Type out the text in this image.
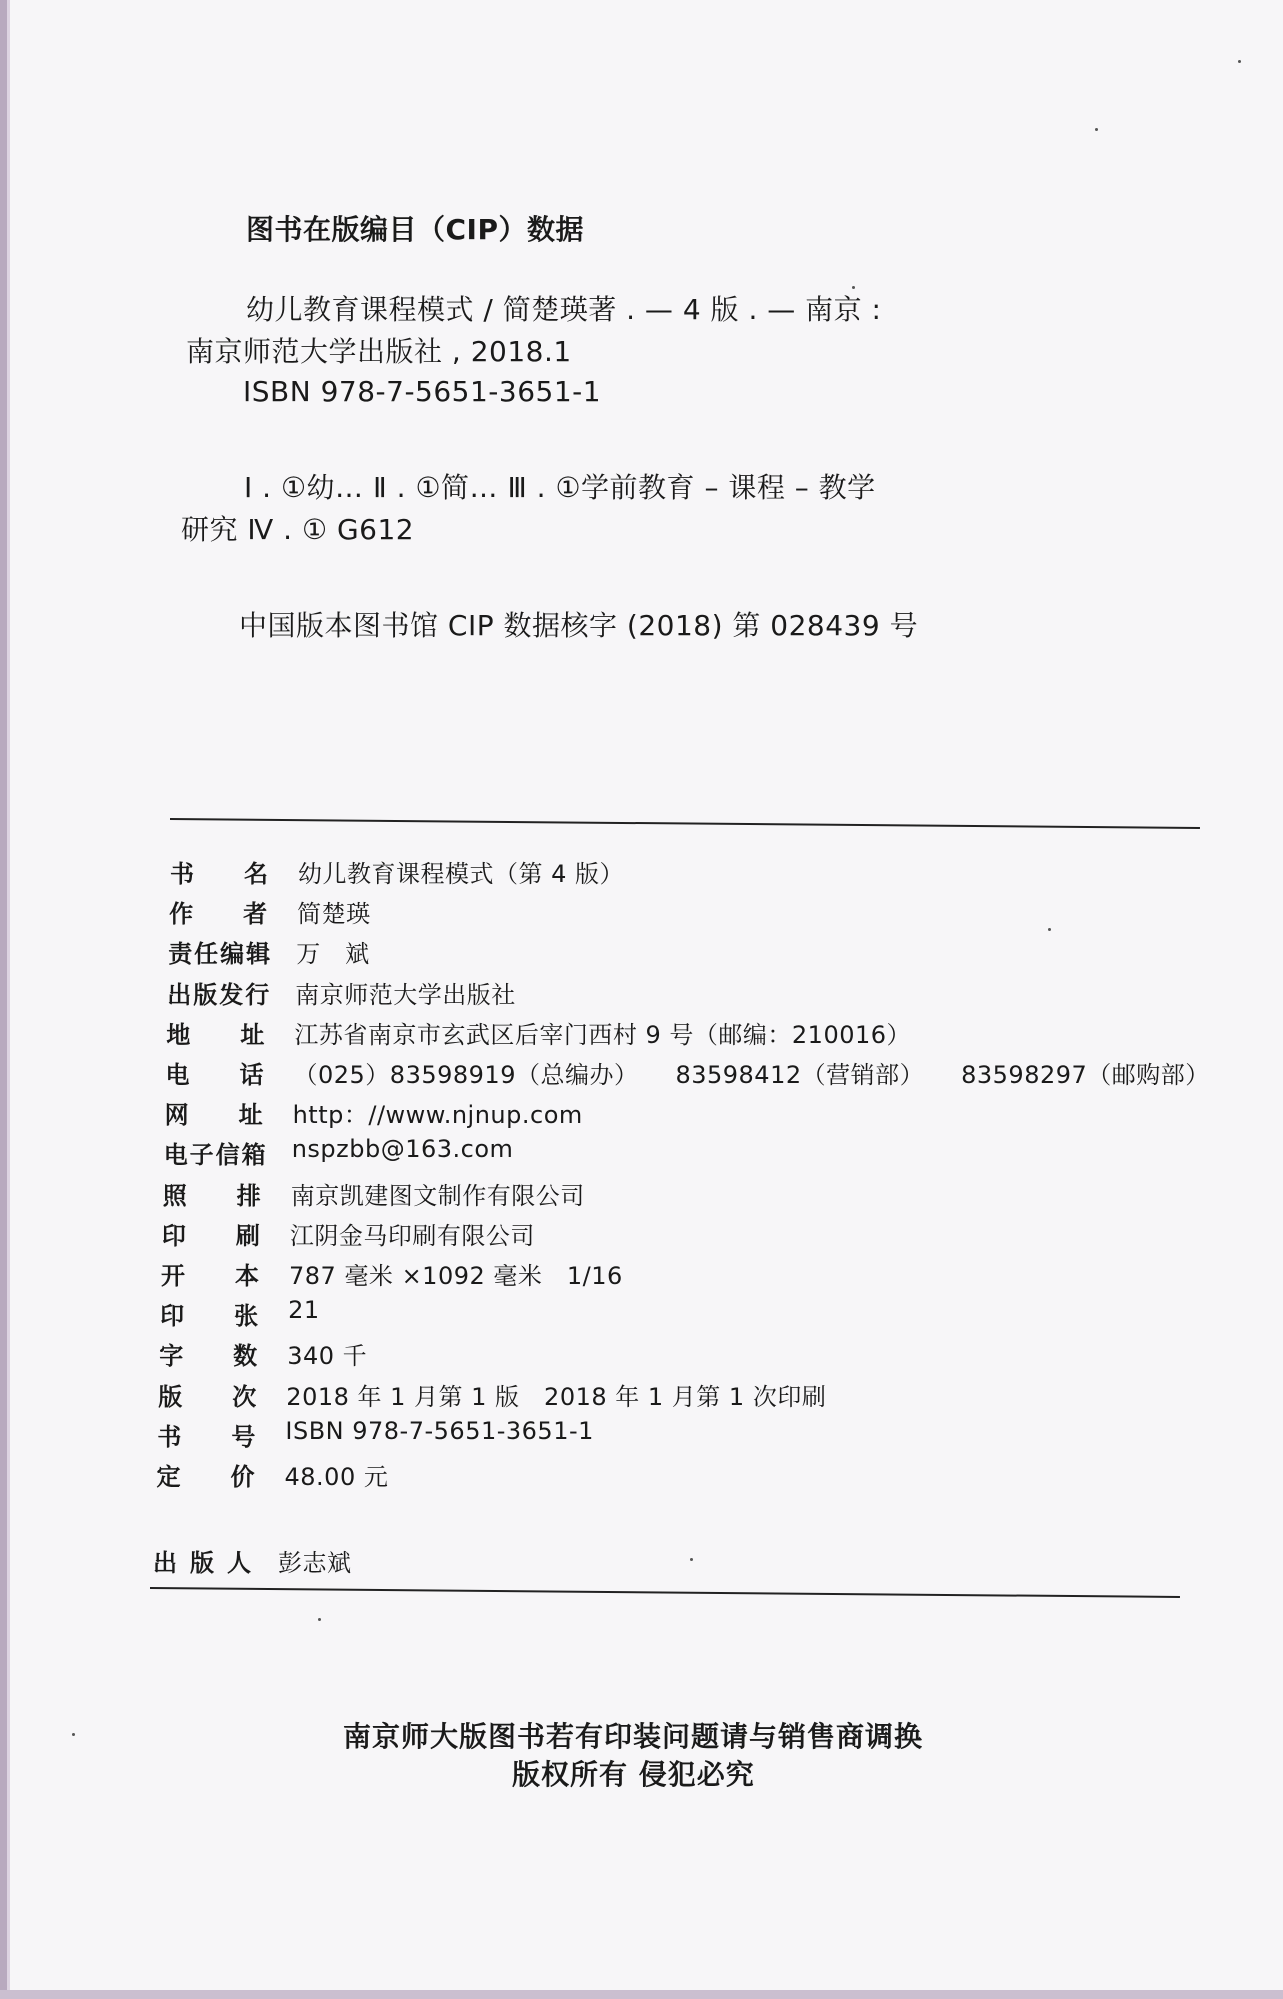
图书在版编目（CIP）数据
幼儿教育课程模式 / 简楚瑛著 . — 4 版 . — 南京 :
南京师范大学出版社 , 2018.1
ISBN 978-7-5651-3651-1
Ⅰ . ①幼… Ⅱ . ①简… Ⅲ . ①学前教育 – 课程 – 教学
研究 Ⅳ . ① G612
中国版本图书馆 CIP 数据核字 (2018) 第 028439 号
书　名 幼儿教育课程模式（第 4 版）
作　者 简楚瑛
责任编辑 万　斌
出版发行 南京师范大学出版社
地　址 江苏省南京市玄武区后宰门西村 9 号（邮编：210016）
电　话 （025）83598919（总编办）　　83598412（营销部）　　83598297（邮购部）
网　址 http：//www.njnup.com
电子信箱 nspzbb@163.com
照　排 南京凯建图文制作有限公司
印　刷 江阴金马印刷有限公司
开　本 787 毫米 ×1092 毫米　1/16
印　张 21
字　数 340 千
版　次 2018 年 1 月第 1 版　2018 年 1 月第 1 次印刷
书　号 ISBN 978-7-5651-3651-1
定　价 48.00 元
出 版 人 彭志斌
南京师大版图书若有印装问题请与销售商调换
版权所有 侵犯必究
